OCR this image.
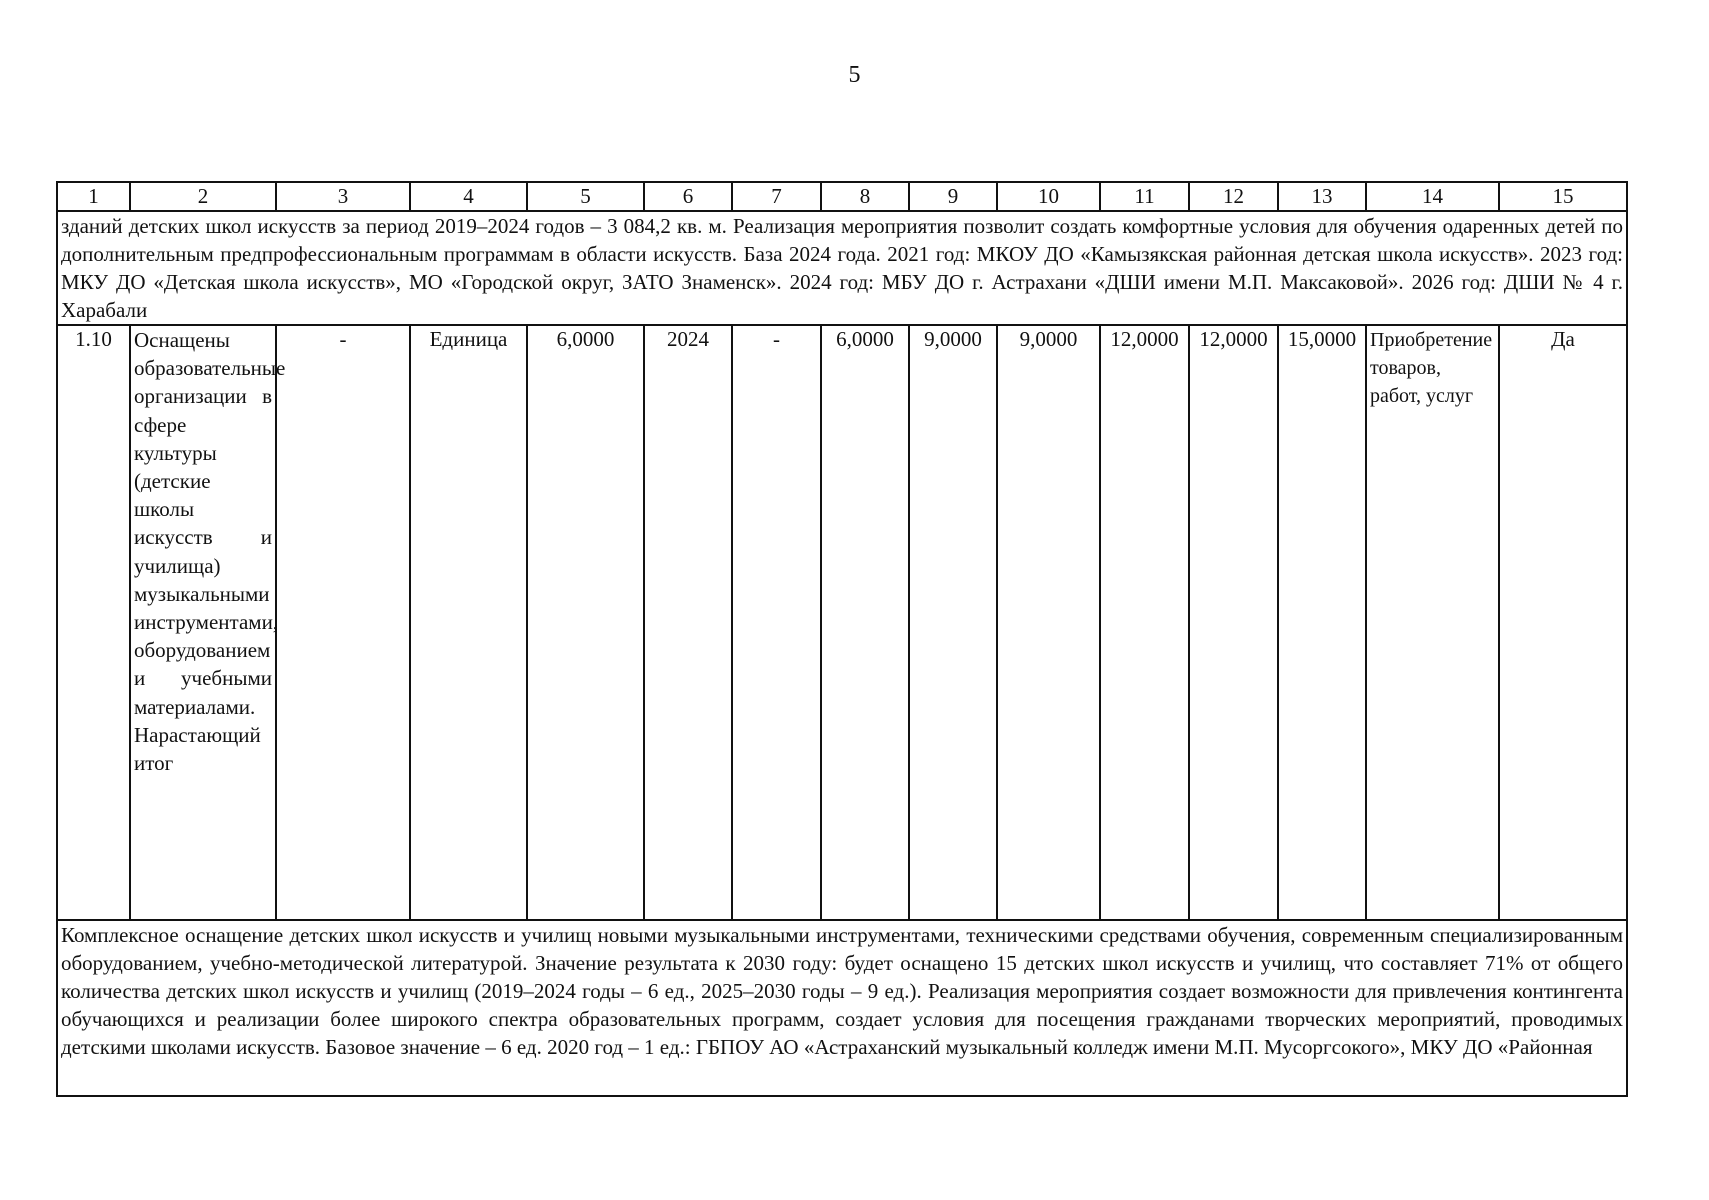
5
1	2	3	4	5	6	7	8	9	10	11	12	13	14	15
зданий детских школ искусств за период 2019–2024 годов – 3 084,2 кв. м. Реализация мероприятия позволит создать комфортные условия для обучения одаренных детей по дополнительным предпрофессиональным программам в области искусств. База 2024 года. 2021 год: МКОУ ДО «Камызякская районная детская школа искусств». 2023 год: МКУ ДО «Детская школа искусств», МО «Городской округ, ЗАТО Знаменск». 2024 год: МБУ ДО г. Астрахани «ДШИ имени М.П. Максаковой». 2026 год: ДШИ № 4 г. Харабали														
1.10	Оснащены образовательные организации в сфере культуры (детские школы искусств и училища) музыкальными инструментами, оборудованием и учебными материалами. Нарастающий итог	-	Единица	6,0000	2024	-	6,0000	9,0000	9,0000	12,0000	12,0000	15,0000	Приобретение товаров, работ, услуг	Да

Комплексное оснащение детских школ искусств и училищ новыми музыкальными инструментами, техническими средствами обучения, современным специализированным оборудованием, учебно-методической литературой. Значение результата к 2030 году: будет оснащено 15 детских школ искусств и училищ, что составляет 71% от общего количества детских школ искусств и училищ (2019–2024 годы – 6 ед., 2025–2030 годы – 9 ед.). Реализация мероприятия создает возможности для привлечения контингента обучающихся и реализации более широкого спектра образовательных программ, создает условия для посещения гражданами творческих мероприятий, проводимых детскими школами искусств. Базовое значение – 6 ед. 2020 год – 1 ед.: ГБПОУ АО «Астраханский музыкальный колледж имени М.П. Мусоргсокого», МКУ ДО «Районная														
